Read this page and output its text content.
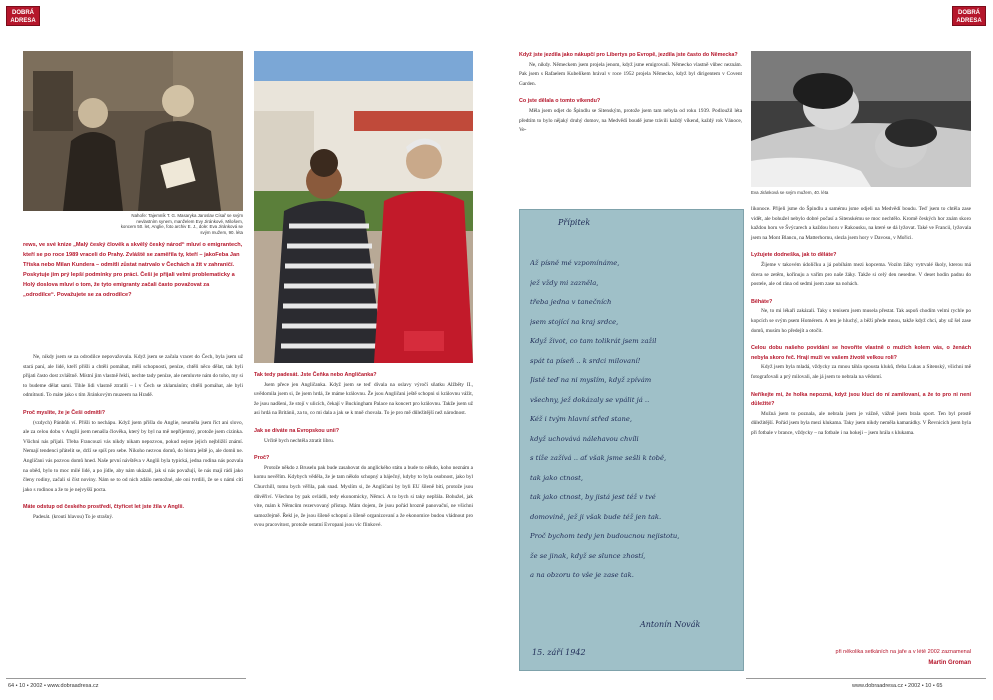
DOBRÁ ADRESA
DOBRÁ ADRESA
Nahoře: Tajemník T. G. Masaryka Jaroslav Císař se svým nevlastním synem, manželem Evy Jiránkové, Milošem, koncem 50. let, Anglie, foto archiv E. J., dole: Eva Jiránková se svým mužem, 90. léta
rews, ve své knize „Malý český člověk a skvělý český národ“ mluví o emigrantech, kteří se po roce 1989 vraceli do Prahy. Zvláště se zaměřila ty, kteří – jakoFeba Jan Tříska nebo Milan Kundera – odmítli zůstat natrvalo v Čechách a žít v zahraničí. Poskytuje jim prý lepší podmínky pro práci. Češi je přijali velmi problematicky a Holý doslova mluví o tom, že tyto emigranty začali často považovat za „odrodilce“. Považujete se za odrodilce?

Ne, nikdy jsem se za odrodilce nepovažovala. Když jsem se začala vracet do Čech, byla jsem už stará paní, ale lidé, kteří přišli a chtěli pomáhat, měli schopnosti, peníze, chtěli něco dělat, tak byli přijati často dost zvláštně. Místní jim vlastně řekli, nechte tady peníze, ale nemluvte nám do toho, my si to budeme dělat sami. Tihle lidi vlastně ztratili – i v Čech se zklamáním; chtěli pomáhat, ale byli odmítnuti. To máte jako s tím Jiránkovým muzeem na Hradě.

Proč myslíte, že je Češi odmítli?

(vzdych) Pánbůh ví. Přišli to nechápu. Když jsem přišla do Anglie, neuměla jsem říct ani slovo, ale za celou dobu v Anglii jsem nenašla člověka, který by byl na mě nepříjemný, protože jsem cizinka. Všichni nás přijali. Třeba Francouzi vás nikdy nikam nepozvou, pokud nejste jejich nejbližší známí. Nemají tendenci přátelit se, drží se spíš pro sebe. Nikoho nezvou domů, do bistra ještě jo, ale domů ne. Angličani vás pozvou domů hned. Naše první návštěva v Anglii byla typická, jedna rodina nás pozvala na oběd, bylo to moc milé lidé, a po jídle, aby nám ukázali, jak si nás považují, še nás mají rádi jako členy rodiny, začali si číst noviny. Nám se to od nich zdálo nemožné, ale oni tvrdili, že se s námi cítí jako s rodinou a že to je nejvyšší pocta.

Máte odstup od českého prostředí, čtyřicet let jste žila v Anglii.

Padesát. (kroutí hlavou) To je strašný.

Tak tedy padesát. Jste Čeňka nebo Angličanka?

Jsem přece jen Angličanka. Když jsem se teď dívala na oslavy výročí sňatku Alžběty II., uvědomila jsem si, že jsem hrdá, že máme královnu. Že jsou Angličani ještě schopni si královnu vážit, že jsou nadšeni, že stojí v ulicích, čekají v Buckingham Palace na koncert pro královnu. Takže jsem už asi hrdá na Británii, za to, co mi dala a jak se k mně chovala. To je pro mě důležitější než národnost.

Jak se díváte na Evropskou unii?

Určitě bych nechtěla ztratit libru.

Proč?

Protože někdo z Bruselu pak bude zasahovat do anglického státu a bude to někdo, koho neznám a komu nevěřím. Kdybych věděla, že je tam někdo schopný a báječný, kdyby to byla osobnost, jako byl Churchill, tomu bych věřila, pak snad. Myslím si, že Angličani by byli EU šíleně bití, protože jsou důvěřiví. Všechno by pak ovládli, tedy ekonomicky, Němci. A to bych si taky nepřála. Bohužel, jak vite, mám k Němcům rezervovaný přístup. Mám dojem, že jsou pořád hrozně panovační, ne všichni samozřejmě. Řekl je, že jsou šíleně schopní a šíleně organizovaní a že ekonomice budou vládnout pro svou pracovitost, protože ostatní Evropani jsou víc flinkové.

Když jste jezdila jako nákupčí pro Libertys po Evropě, jezdila jste často do Německa?

Ne, nikdy. Německem jsem projela jenom, když jsme emigrovali. Německo vlastně vůbec neznám. Pak jsem s Rafaelem Kubelíkem hrával v roce 1952 projela Německo, když byl dirigentem v Covent Garden.

Co jste dělala o tomto víkendu?

Měla jsem odjet do Špindlu se Sitenským, protože jsem tam nebyla od roku 1939. Podloužil léta předtím to bylo nějaký druhý domov, na Medvědí boudě jsme trávili každý víkend, každý rok Vánoce, Ve-

Přípitek
Až písně mé vzpomínáme,
jež vždy mi zazněla,
třeba jedna v tanečních
jsem stojící na kraj srdce,
Když život, co tam tolikrát jsem zažil
spát ta píseň .. k srdci milovaní!
Jistě teď na ni myslím, když zpívám
všechny, jež dokázaly se vpálit já ..
Kéž i tvým hlavní střed stane,
když uchovává nálehavou chvíli
s tíže zažívá .. ať však jsme sešli k tobě,
tak jako ctnost,
tak jako ctnost, by jistá jest též v tvé
domovině, jež ji však bude též jen tak.
Proč bychom tedy jen budoucnou nejistotu,
že se jinak, když se slunce zhostí,
a na obzoru to vše je zase tak.
Antonín Novák
15. září 1942
Eva Jiránková se svým mužem, 40. léta

likonoce. Přijeli jsme do Špindlu a samému jsme odjeli na Medvědí boudu. Teď jsem to chtěla zase vidět, ale bohužel nebylo dobré počasí a Sitenskému se moc nechtělo. Kromě českých hor znám skoro každou horu ve Švýcarech a každou horu v Rakousku, na které se dá lyžovat. Také ve Francii, lyžovala jsem na Mont Blancu, na Matterhornu, slezla jsem hory v Davosu, v Mořici.

Lyžujete dodneška, jak to děláte?

Žijeme v takovém údolíčku a já pobíhám mezi kopcema. Vozím žáky vytrvalé školy, kterou má dcera se zetěm, kořínuju a vařím pro naše žáky. Takže si celý den nesedne. V deset hodin padnu do postele, ale od rána od sedmi jsem zase na nohách.

Běháte?

Ne, to mi lékaři zakázali. Taky s tenisem jsem musela přestat. Tak aspoň chodím velmi rychle po kopcích se svým psem Homérem. A ten je hluchý, a běží přede mnou, takže když chci, aby už šel zase domů, musím ho předejít a otočit.

Celou dobu našeho povídání se hovoříte vlastně o mužích kolem vás, o ženách nebyla skoro řeč. Hrají muži ve vašem životě velkou roli?

Když jsem byla mladá, vždycky za mnou táhla spousta kluků, třeba Lukas a Sitenský, všichni mě fotografovali a prý milovali, ale já jsem to nebrala na vědomí.

Neříkejte mi, že holka nepozná, když jsou kluci do ní zamilovaní, a že to pro ni není důležité?

Možná jsem to poznala, ale nebrala jsem je vážně, vážně jsem brala sport. Ten byl prostě důležitější. Pořád jsem byla mezi klukama. Taky jsem nikdy neměla kamarádky. V Řevnicích jsem byla při fotbale v brance, vždycky – na fotbale i na hokeji – jsem hrála s klukama.

při několika setkáních na jaře a v létě 2002 zaznamenal
Martin Groman
64 • 10 • 2002 • www.dobraadresa.cz	www.dobraadresa.cz • 2002 • 10 • 65
